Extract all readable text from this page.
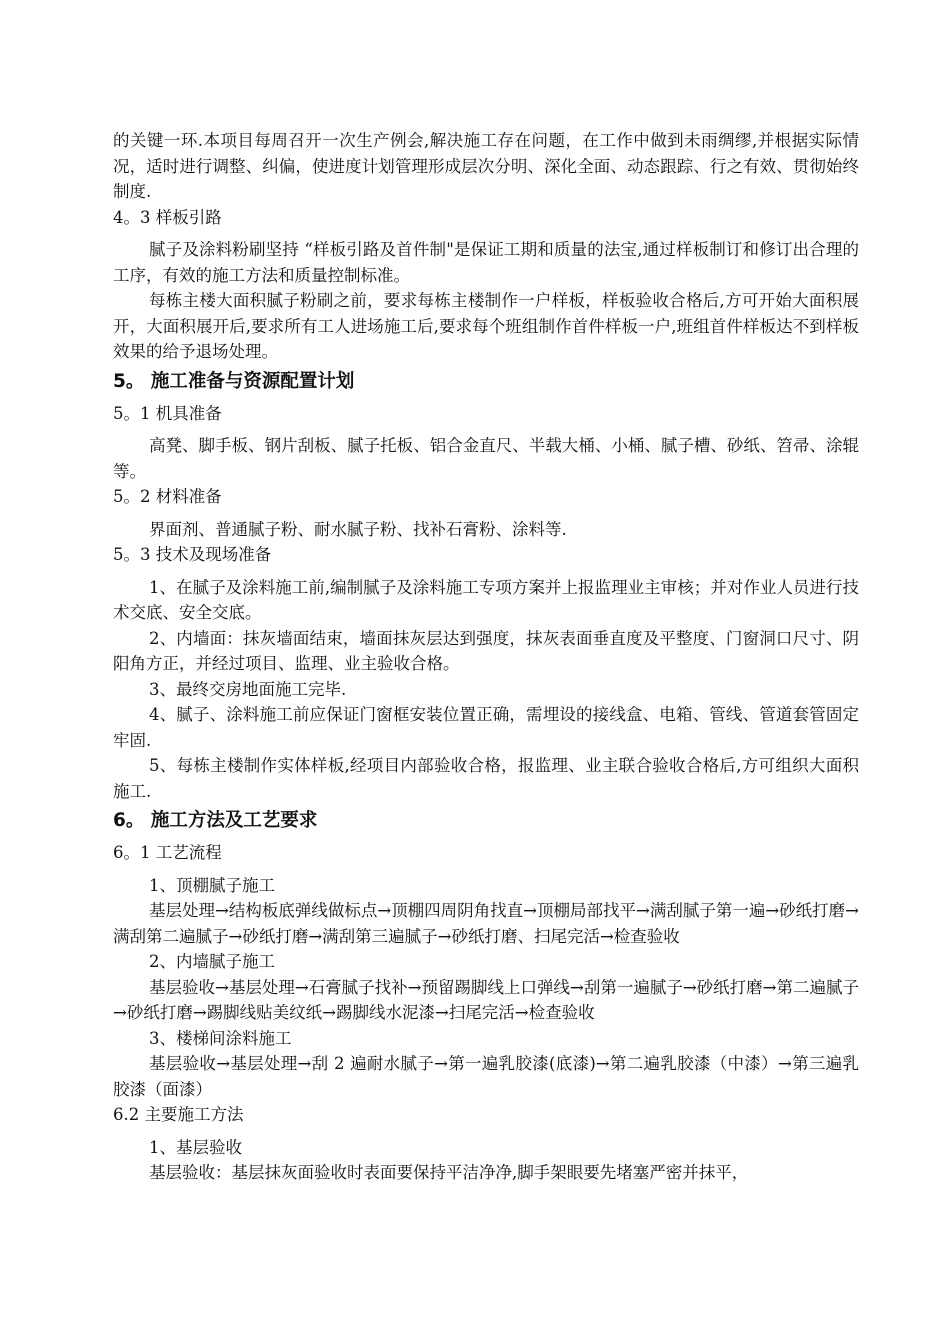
的关键一环.本项目每周召开一次生产例会,解决施工存在问题，在工作中做到未雨绸缪,并根据实际情况，适时进行调整、纠偏，使进度计划管理形成层次分明、深化全面、动态跟踪、行之有效、贯彻始终制度.

4。3 样板引路

腻子及涂料粉刷坚持 “样板引路及首件制"是保证工期和质量的法宝,通过样板制订和修订出合理的工序，有效的施工方法和质量控制标准。

每栋主楼大面积腻子粉刷之前，要求每栋主楼制作一户样板，样板验收合格后,方可开始大面积展开，大面积展开后,要求所有工人进场施工后,要求每个班组制作首件样板一户,班组首件样板达不到样板效果的给予退场处理。

5。 施工准备与资源配置计划

5。1 机具准备

高凳、脚手板、钢片刮板、腻子托板、铝合金直尺、半载大桶、小桶、腻子槽、砂纸、笤帚、涂辊等。

5。2 材料准备

界面剂、普通腻子粉、耐水腻子粉、找补石膏粉、涂料等.

5。3 技术及现场准备

1、在腻子及涂料施工前,编制腻子及涂料施工专项方案并上报监理业主审核；并对作业人员进行技术交底、安全交底。

2、内墙面：抹灰墙面结束，墙面抹灰层达到强度，抹灰表面垂直度及平整度、门窗洞口尺寸、阴阳角方正，并经过项目、监理、业主验收合格。

3、最终交房地面施工完毕.

4、腻子、涂料施工前应保证门窗框安装位置正确，需埋设的接线盒、电箱、管线、管道套管固定牢固.

5、每栋主楼制作实体样板,经项目内部验收合格，报监理、业主联合验收合格后,方可组织大面积施工.

6。 施工方法及工艺要求

6。1 工艺流程

1、顶棚腻子施工

基层处理→结构板底弹线做标点→顶棚四周阴角找直→顶棚局部找平→满刮腻子第一遍→砂纸打磨→满刮第二遍腻子→砂纸打磨→满刮第三遍腻子→砂纸打磨、扫尾完活→检查验收

2、内墙腻子施工

基层验收→基层处理→石膏腻子找补→预留踢脚线上口弹线→刮第一遍腻子→砂纸打磨→第二遍腻子→砂纸打磨→踢脚线贴美纹纸→踢脚线水泥漆→扫尾完活→检查验收

3、楼梯间涂料施工

基层验收→基层处理→刮 2 遍耐水腻子→第一遍乳胶漆(底漆)→第二遍乳胶漆（中漆）→第三遍乳胶漆（面漆）

6.2 主要施工方法

1、基层验收

基层验收：基层抹灰面验收时表面要保持平洁净净,脚手架眼要先堵塞严密并抹平，
